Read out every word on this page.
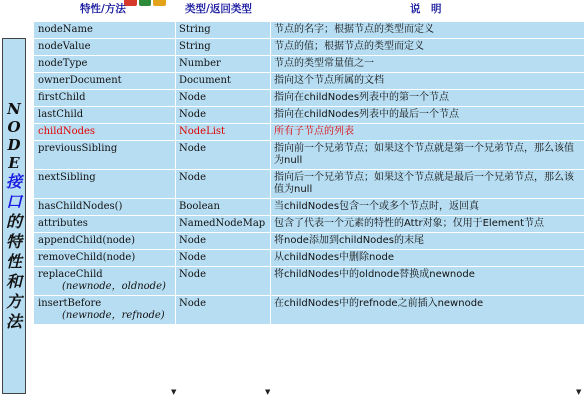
特性/方法	类型/返回类型	说　明
N
O
D
E
接
口
的
特
性
和
方
法
nodeName	String	节点的名字；根据节点的类型而定义
nodeValue	String	节点的值；根据节点的类型而定义
nodeType	Number	节点的类型常量值之一
ownerDocument	Document	指向这个节点所属的文档
firstChild	Node	指向在childNodes列表中的第一个节点
lastChild	Node	指向在childNodes列表中的最后一个节点
childNodes	NodeList	所有子节点的列表
previousSibling	Node	指向前一个兄弟节点；如果这个节点就是第一个兄弟节点，那么该值为null
nextSibling	Node	指向后一个兄弟节点；如果这个节点就是最后一个兄弟节点，那么该值为null
hasChildNodes()	Boolean	当childNodes包含一个或多个节点时，返回真
attributes	NamedNodeMap	包含了代表一个元素的特性的Attr对象；仅用于Element节点
appendChild(node)	Node	将node添加到childNodes的末尾
removeChild(node)	Node	从childNodes中删除node
replaceChild
(newnode，oldnode)	Node	将childNodes中的oldnode替换成newnode
insertBefore
(newnode，refnode)	Node	在childNodes中的refnode之前插入newnode
▼	▼	▼
